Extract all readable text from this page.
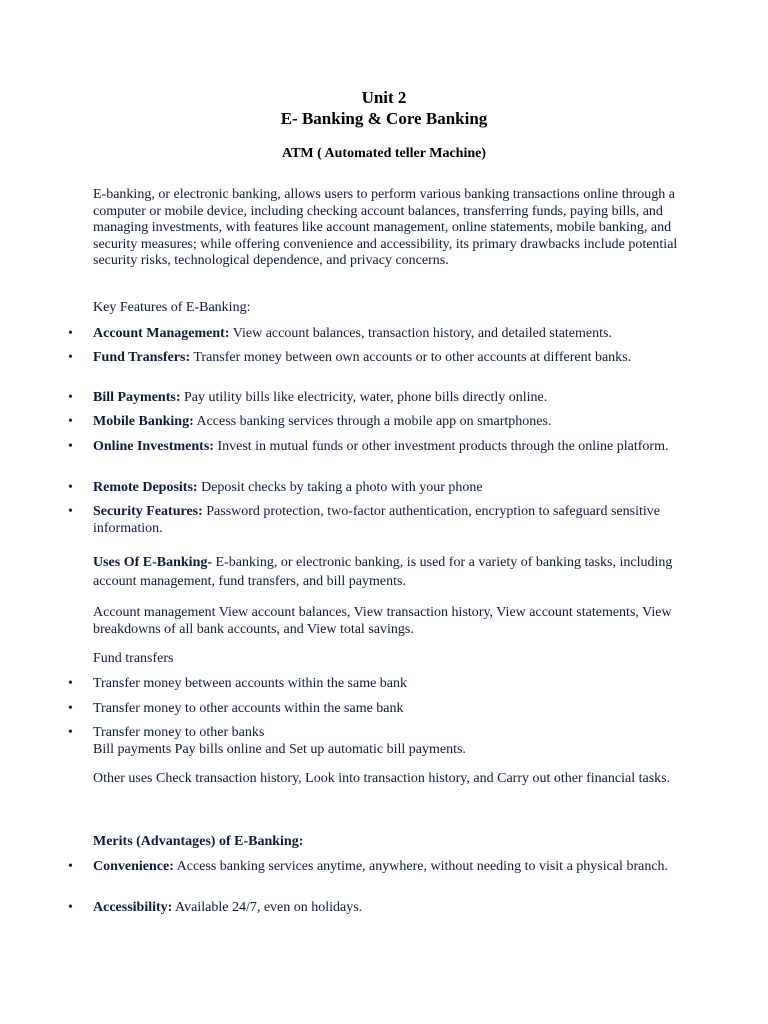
Unit 2
E- Banking & Core Banking
ATM ( Automated teller Machine)
E-banking, or electronic banking, allows users to perform various banking transactions online through a computer or mobile device, including checking account balances, transferring funds, paying bills, and managing investments, with features like account management, online statements, mobile banking, and security measures; while offering convenience and accessibility, its primary drawbacks include potential security risks, technological dependence, and privacy concerns.
Key Features of E-Banking:
• Account Management: View account balances, transaction history, and detailed statements.
• Fund Transfers: Transfer money between own accounts or to other accounts at different banks.
• Bill Payments: Pay utility bills like electricity, water, phone bills directly online.
• Mobile Banking: Access banking services through a mobile app on smartphones.
• Online Investments: Invest in mutual funds or other investment products through the online platform.
• Remote Deposits: Deposit checks by taking a photo with your phone
• Security Features: Password protection, two-factor authentication, encryption to safeguard sensitive information.
Uses Of E-Banking- E-banking, or electronic banking, is used for a variety of banking tasks, including account management, fund transfers, and bill payments.
Account management View account balances, View transaction history, View account statements, View breakdowns of all bank accounts, and View total savings.
Fund transfers
• Transfer money between accounts within the same bank
• Transfer money to other accounts within the same bank
• Transfer money to other banks
Bill payments Pay bills online and Set up automatic bill payments.
Other uses Check transaction history, Look into transaction history, and Carry out other financial tasks.
Merits (Advantages) of E-Banking:
• Convenience: Access banking services anytime, anywhere, without needing to visit a physical branch.
• Accessibility: Available 24/7, even on holidays.
